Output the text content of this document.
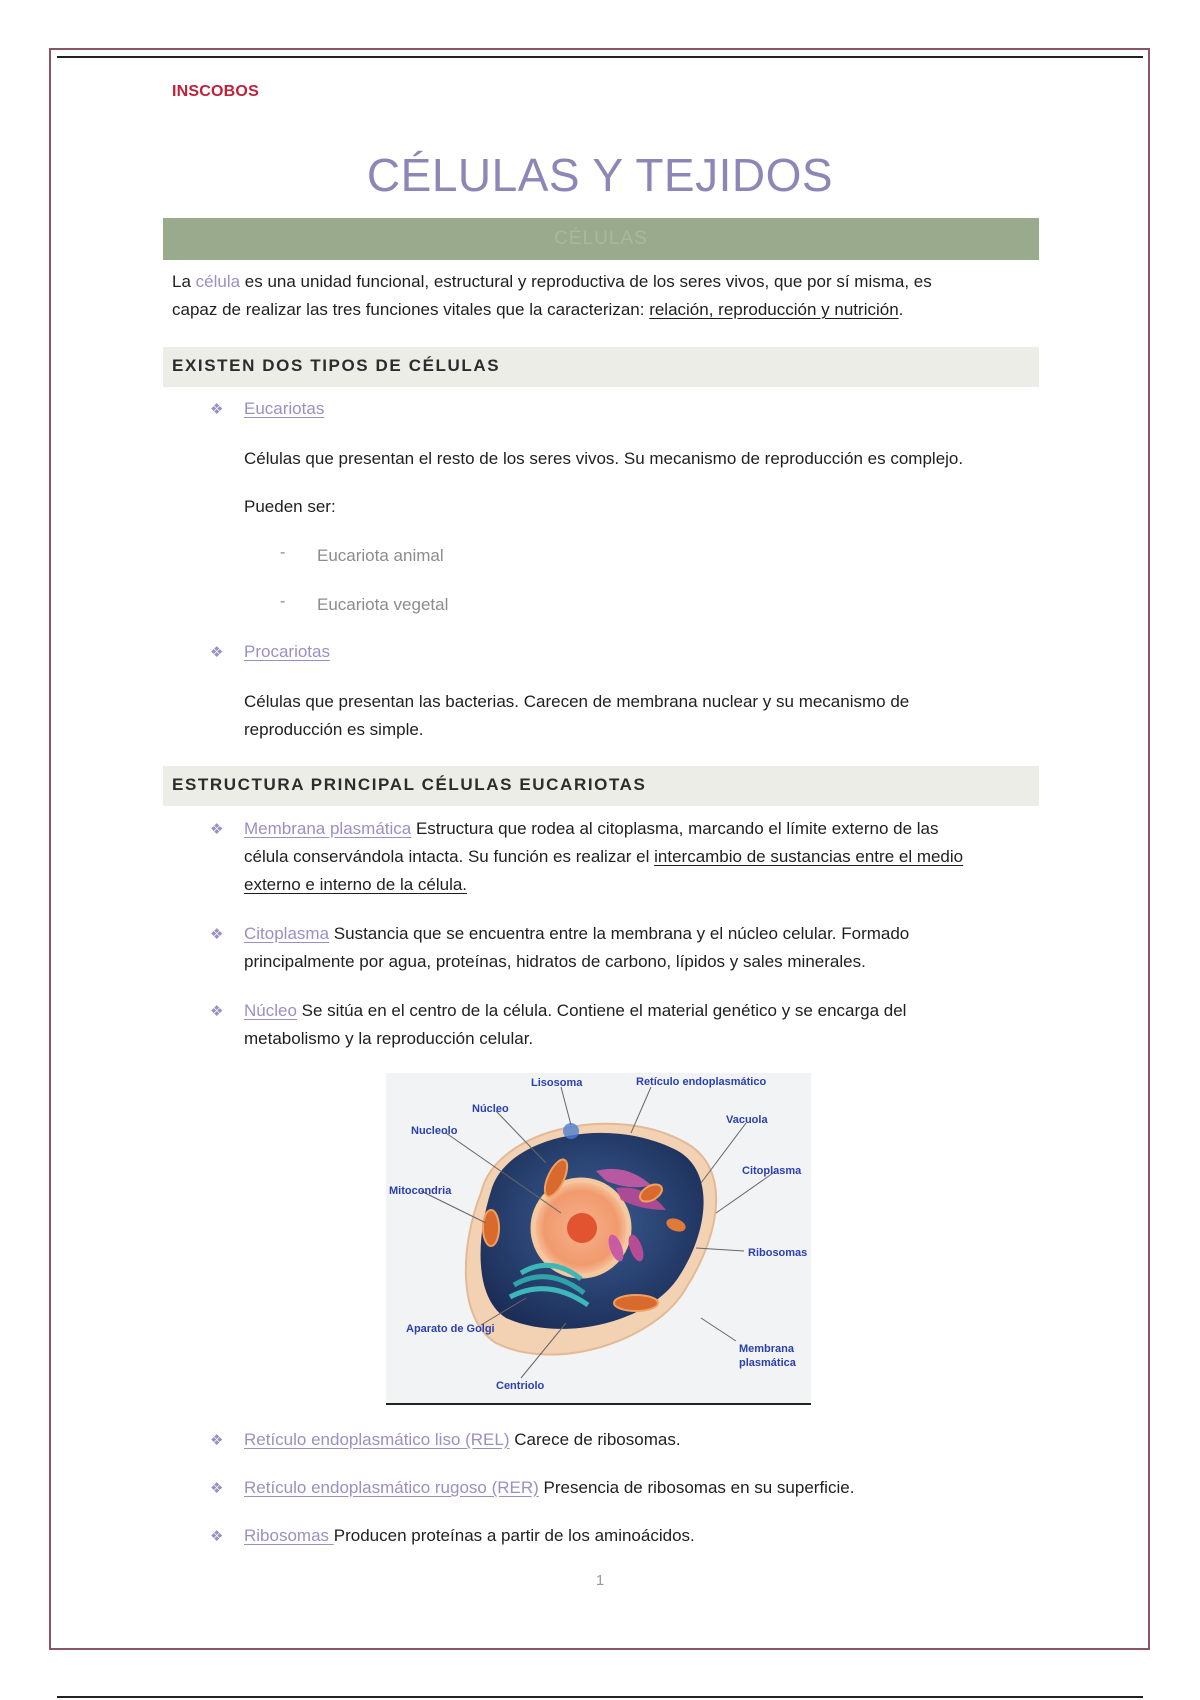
INSCOBOS
CÉLULAS Y TEJIDOS
CÉLULAS
La célula es una unidad funcional, estructural y reproductiva de los seres vivos, que por sí misma, es
capaz de realizar las tres funciones vitales que la caracterizan: relación, reproducción y nutrición.
EXISTEN DOS TIPOS DE CÉLULAS
❖ Eucariotas
Células que presentan el resto de los seres vivos. Su mecanismo de reproducción es complejo.
Pueden ser:
- Eucariota animal
- Eucariota vegetal
❖ Procariotas
Células que presentan las bacterias. Carecen de membrana nuclear y su mecanismo de
reproducción es simple.
ESTRUCTURA PRINCIPAL CÉLULAS EUCARIOTAS
❖ Membrana plasmática Estructura que rodea al citoplasma, marcando el límite externo de las
célula conservándola intacta. Su función es realizar el intercambio de sustancias entre el medio
externo e interno de la célula.
❖ Citoplasma Sustancia que se encuentra entre la membrana y el núcleo celular. Formado
principalmente por agua, proteínas, hidratos de carbono, lípidos y sales minerales.
❖ Núcleo Se sitúa en el centro de la célula. Contiene el material genético y se encarga del
metabolismo y la reproducción celular.
Lisosoma	Retículo endoplasmático
Núcleo
Vacuola
Nucleolo
Citoplasma
Mitocondria
Ribosomas
Aparato de Golgi
Membrana
plasmática
Centriolo
❖ Retículo endoplasmático liso (REL) Carece de ribosomas.
❖ Retículo endoplasmático rugoso (RER) Presencia de ribosomas en su superficie.
❖ Ribosomas Producen proteínas a partir de los aminoácidos.
1
